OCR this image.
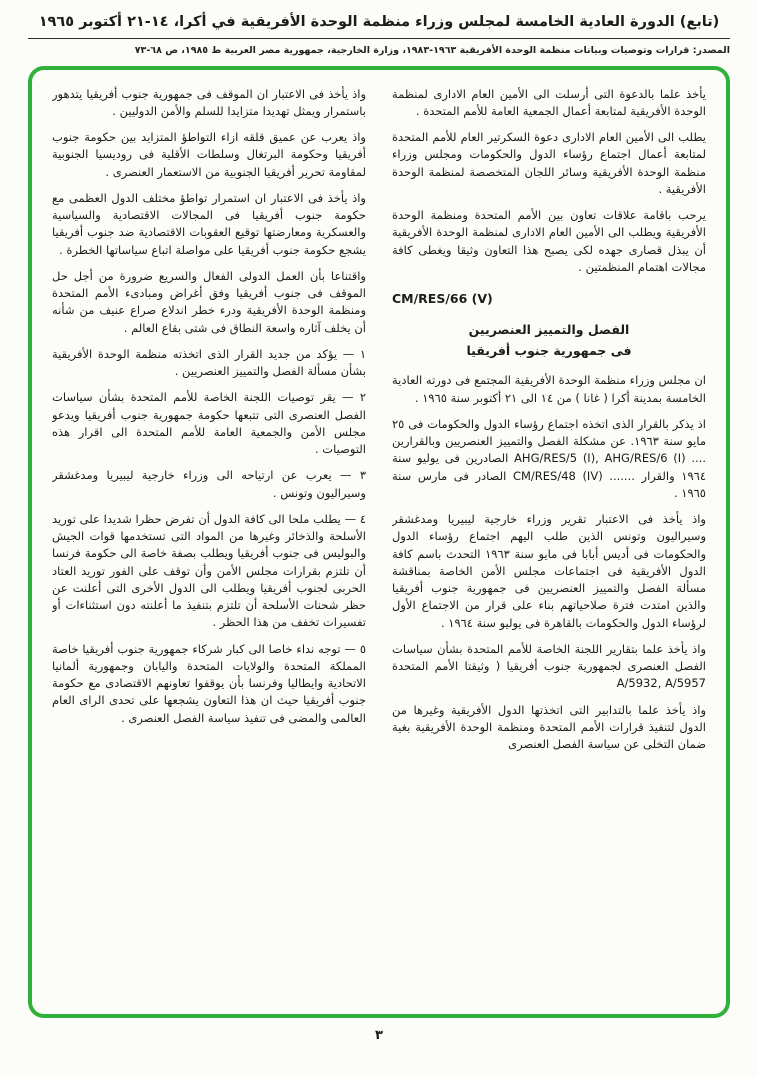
(تابع) الدورة العادية الخامسة لمجلس وزراء منظمة الوحدة الأفريقية في أكرا، ١٤-٢١ أكتوبر ١٩٦٥

المصدر: قرارات وتوصيات وبيانات منظمة الوحدة الأفريقية ١٩٦٣-١٩٨٣، وزارة الخارجية، جمهورية مصر العربية ط ١٩٨٥، ص ٦٨-٧٣

يأخذ علما بالدعوة التى أرسلت الى الأمين العام الادارى لمنظمة الوحدة الأفريقية لمتابعة أعمال الجمعية العامة للأمم المتحدة .

يطلب الى الأمين العام الادارى دعوة السكرتير العام للأمم المتحدة لمتابعة أعمال اجتماع رؤساء الدول والحكومات ومجلس وزراء منظمة الوحدة الأفريقية وسائر اللجان المتخصصة لمنظمة الوحدة الأفريقية .

يرحب باقامة علاقات تعاون بين الأمم المتحدة ومنظمة الوحدة الأفريقية ويطلب الى الأمين العام الادارى لمنظمة الوحدة الأفريقية أن يبذل قصارى جهده لكى يصبح هذا التعاون وثيقا ويغطى كافة مجالات اهتمام المنظمتين .

CM/RES/66 (V)
الفصل والتمييز العنصريين
فى جمهورية جنوب أفريقيا

ان مجلس وزراء منظمة الوحدة الأفريقية المجتمع فى دورته العادية الخامسة بمدينة أكرا ( غانا ) من ١٤ الى ٢١ أكتوبر سنة ١٩٦٥ .

اذ يذكر بالقرار الذى اتخذه اجتماع رؤساء الدول والحكومات فى ٢٥ مايو سنة ١٩٦٣. عن مشكلة الفصل والتمييز العنصريين وبالقرارين .... AHG/RES/5 (I), AHG/RES/6 (I) الصادرين فى يوليو سنة ١٩٦٤ والقرار ....... CM/RES/48 (IV) الصادر فى مارس سنة ١٩٦٥ .

واذ يأخذ فى الاعتبار تقرير وزراء خارجية ليبيريا ومدغشقر وسيراليون وتونس الذين طلب اليهم اجتماع رؤساء الدول والحكومات فى أديس أبابا فى مايو سنة ١٩٦٣ التحدث باسم كافة الدول الأفريقية فى اجتماعات مجلس الأمن الخاصة بمناقشة مسألة الفصل والتمييز العنصريين فى جمهورية جنوب أفريقيا والذين امتدت فترة صلاحياتهم بناء على قرار من الاجتماع الأول لرؤساء الدول والحكومات بالقاهرة فى يوليو سنة ١٩٦٤ .

واذ يأخذ علما بتقارير اللجنة الخاصة للأمم المتحدة بشأن سياسات الفصل العنصرى لجمهورية جنوب أفريقيا ( وثيقتا الأمم المتحدة A/5932, A/5957

واذ يأخذ علما بالتدابير التى اتخذتها الدول الأفريقية وغيرها من الدول لتنفيذ قرارات الأمم المتحدة ومنظمة الوحدة الأفريقية بغية ضمان التخلى عن سياسة الفصل العنصرى

واذ يأخذ فى الاعتبار ان الموقف فى جمهورية جنوب أفريقيا يتدهور باستمرار ويمثل تهديدا متزايدا للسلم والأمن الدوليين .

واذ يعرب عن عميق قلقه ازاء التواطؤ المتزايد بين حكومة جنوب أفريقيا وحكومة البرتغال وسلطات الأقلية فى روديسيا الجنوبية لمقاومة تحرير أفريقيا الجنوبية من الاستعمار العنصرى .

واذ يأخذ فى الاعتبار ان استمرار تواطؤ مختلف الدول العظمى مع حكومة جنوب أفريقيا فى المجالات الاقتصادية والسياسية والعسكرية ومعارضتها توقيع العقوبات الاقتصادية ضد جنوب أفريقيا يشجع حكومة جنوب أفريقيا على مواصلة اتباع سياساتها الخطرة .

واقتناعا بأن العمل الدولى الفعال والسريع ضرورة من أجل حل الموقف فى جنوب أفريقيا وفق أغراض ومبادىء الأمم المتحدة ومنظمة الوحدة الأفريقية ودرء خطر اندلاع صراع عنيف من شأنه أن يخلف آثاره واسعة النطاق فى شتى بقاع العالم .

١ — يؤكد من جديد القرار الذى اتخذته منظمة الوحدة الأفريقية بشأن مسألة الفصل والتمييز العنصريين .

٢ — يقر توصيات اللجنة الخاصة للأمم المتحدة بشأن سياسات الفصل العنصرى التى تتبعها حكومة جمهورية جنوب أفريقيا ويدعو مجلس الأمن والجمعية العامة للأمم المتحدة الى اقرار هذه التوصيات .

٣ — يعرب عن ارتياحه الى وزراء خارجية ليبيريا ومدغشقر وسيراليون وتونس .

٤ — يطلب ملحا الى كافة الدول أن تفرض حظرا شديدا على توريد الأسلحة والذخائر وغيرها من المواد التى تستخدمها قوات الجيش والبوليس فى جنوب أفريقيا ويطلب بصفة خاصة الى حكومة فرنسا أن تلتزم بقرارات مجلس الأمن وأن توقف على الفور توريد العتاد الحربى لجنوب أفريقيا ويطلب الى الدول الأخرى التى أعلنت عن حظر شحنات الأسلحة أن تلتزم بتنفيذ ما أعلنته دون استثناءات أو تفسيرات تخفف من هذا الحظر .

٥ — توجه نداء خاصا الى كبار شركاء جمهورية جنوب أفريقيا خاصة المملكة المتحدة والولايات المتحدة واليابان وجمهورية ألمانيا الاتحادية وايطاليا وفرنسا بأن يوقفوا تعاونهم الاقتصادى مع حكومة جنوب أفريقيا حيث ان هذا التعاون يشجعها على تحدى الراى العام العالمى والمضى فى تنفيذ سياسة الفصل العنصرى .

٣
